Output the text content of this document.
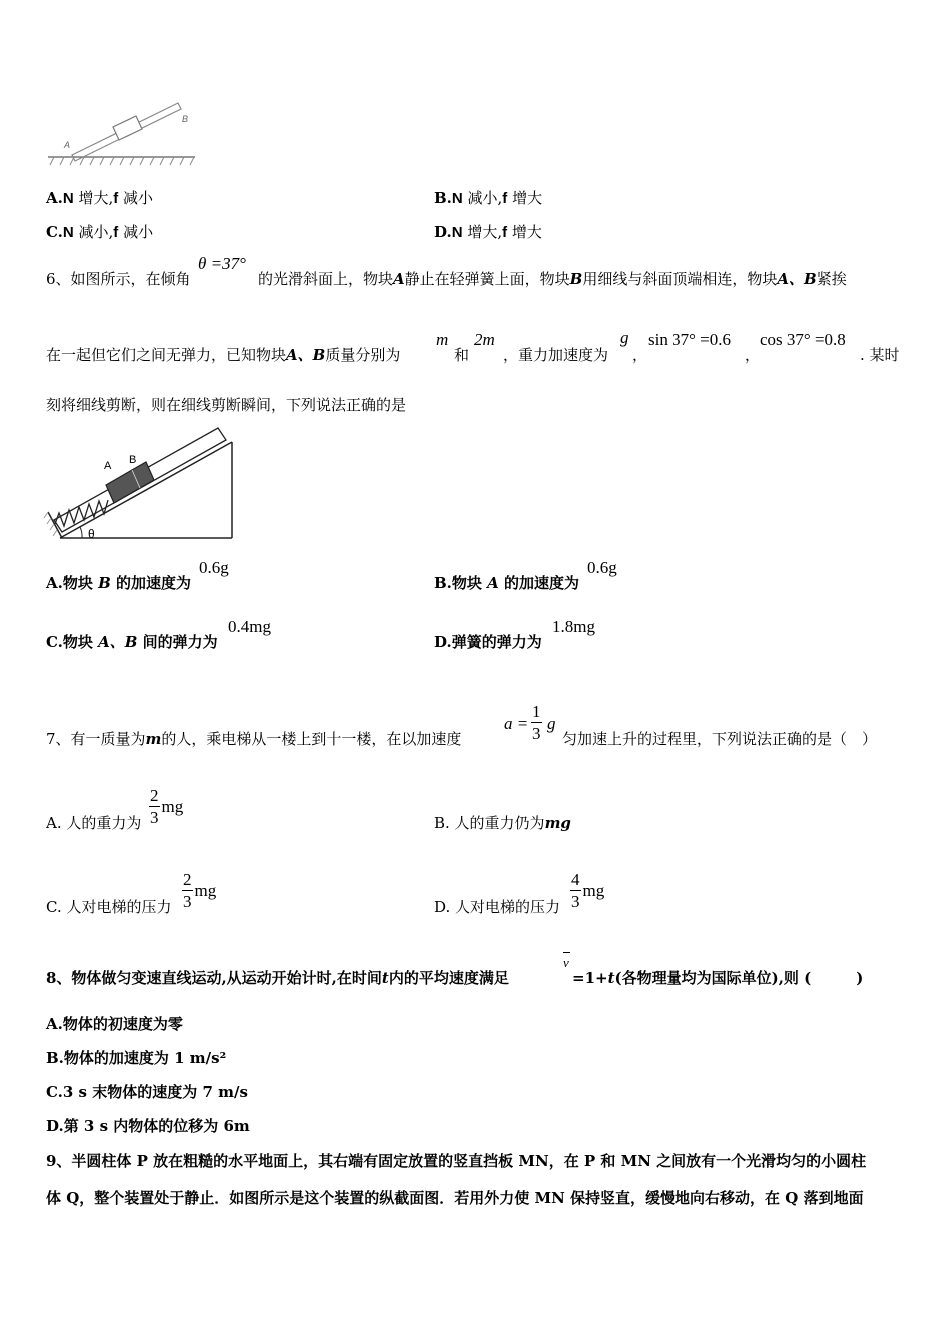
A
B
A.N 增大,f 减小	B.N 减小,f 增大
C.N 减小,f 减小	D.N 增大,f 增大
6、如图所示，在倾角
θ =37°
的光滑斜面上，物块A静止在轻弹簧上面，物块B用细线与斜面顶端相连，物块A、B紧挨
在一起但它们之间无弹力，已知物块A、B质量分别为
m
和
2m
，重力加速度为
g
，
sin 37° =0.6
，
cos 37° =0.8
. 某时
刻将细线剪断，则在细线剪断瞬间，下列说法正确的是
A B
θ
A.物块 B 的加速度为
0.6g
B.物块 A 的加速度为
0.6g
C.物块 A、B 间的弹力为
0.4mg
D.弹簧的弹力为
1.8mg
7、有一质量为m的人，乘电梯从一楼上到十一楼，在以加速度
$a = \frac{1}{3}$ g
匀加速上升的过程里，下列说法正确的是（　）
A. 人的重力为 $\frac{2}{3}$ mg
B. 人的重力仍为mg
C. 人对电梯的压力 $\frac{2}{3}$ mg
D. 人对电梯的压力 $\frac{4}{3}$ mg
8、物体做匀变速直线运动,从运动开始计时,在时间t内的平均速度满足
v
=1+t(各物理量均为国际单位),则 (　　　)
A.物体的初速度为零
B.物体的加速度为 1 m/s²
C.3 s 末物体的速度为 7 m/s
D.第 3 s 内物体的位移为 6m
9、半圆柱体 P 放在粗糙的水平地面上，其右端有固定放置的竖直挡板 MN，在 P 和 MN 之间放有一个光滑均匀的小圆柱
体 Q，整个装置处于静止．如图所示是这个装置的纵截面图．若用外力使 MN 保持竖直，缓慢地向右移动，在 Q 落到地面
